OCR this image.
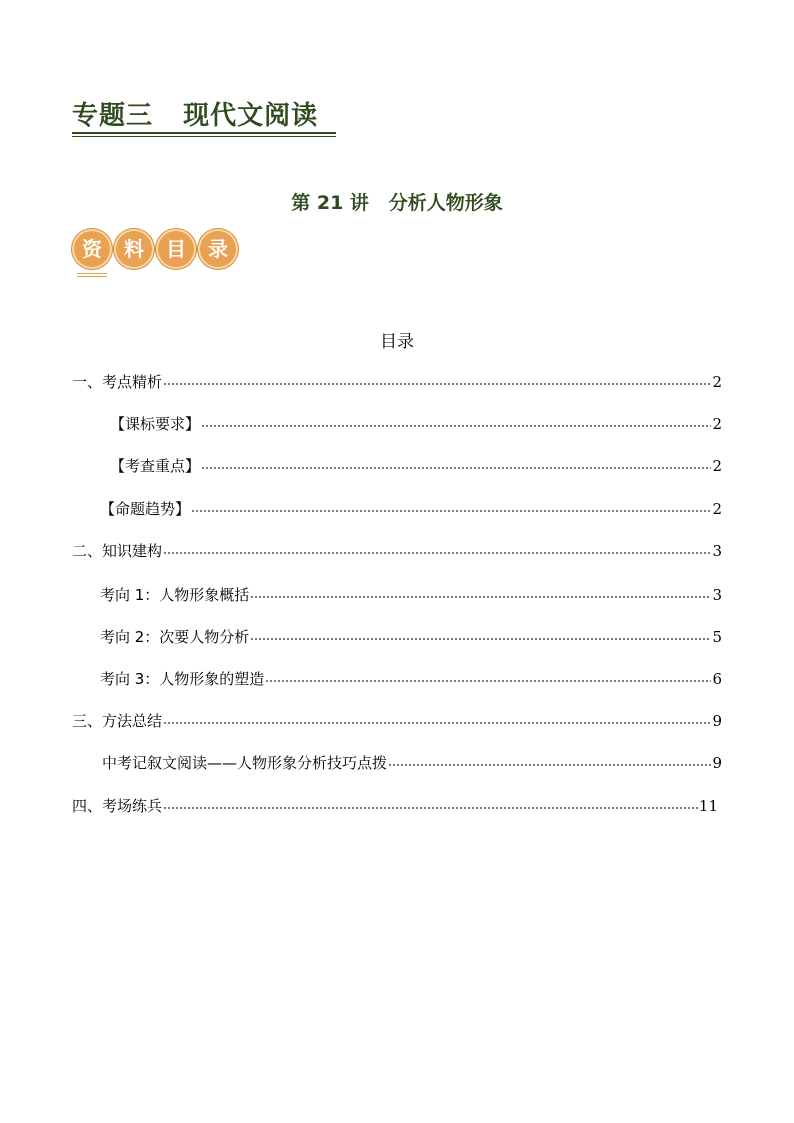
专题三   现代文阅读
第 21 讲   分析人物形象
资	料	目	录
目录
一、考点精析	2
【课标要求】	2
【考查重点】	2
【命题趋势】	2
二、知识建构	3
考向 1：人物形象概括	3
考向 2：次要人物分析	5
考向 3：人物形象的塑造	6
三、方法总结	9
中考记叙文阅读——人物形象分析技巧点拨	9
四、考场练兵	11
